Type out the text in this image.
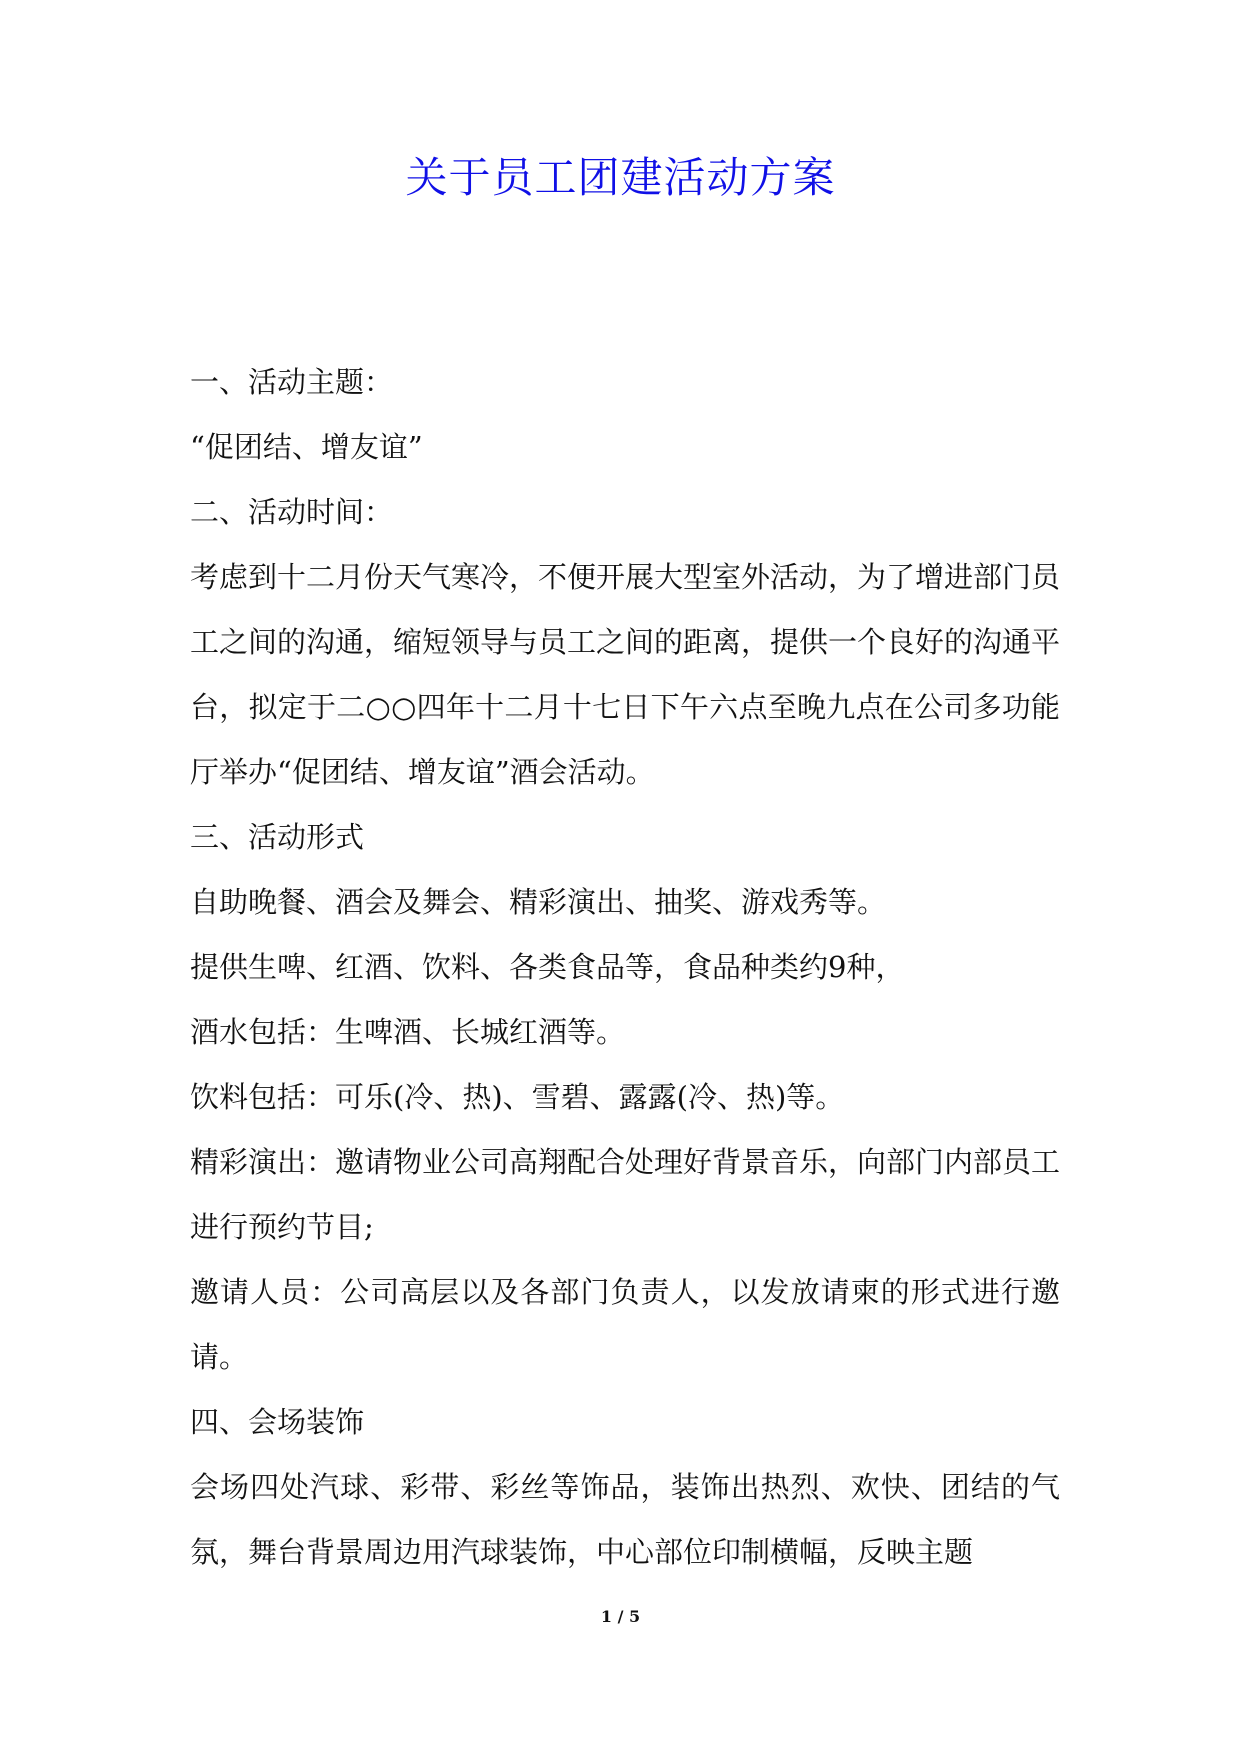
关于员工团建活动方案

一、活动主题：

“促团结、增友谊”

二、活动时间：

考虑到十二月份天气寒冷，不便开展大型室外活动，为了增进部门员工之间的沟通，缩短领导与员工之间的距离，提供一个良好的沟通平台，拟定于二○○四年十二月十七日下午六点至晚九点在公司多功能厅举办“促团结、增友谊”酒会活动。

三、活动形式

自助晚餐、酒会及舞会、精彩演出、抽奖、游戏秀等。

提供生啤、红酒、饮料、各类食品等，食品种类约9种，

酒水包括：生啤酒、长城红酒等。

饮料包括：可乐(冷、热)、雪碧、露露(冷、热)等。

精彩演出：邀请物业公司高翔配合处理好背景音乐，向部门内部员工进行预约节目;

邀请人员：公司高层以及各部门负责人，以发放请柬的形式进行邀请。

四、会场装饰

会场四处汽球、彩带、彩丝等饰品，装饰出热烈、欢快、团结的气氛，舞台背景周边用汽球装饰，中心部位印制横幅，反映主题

1 / 5
